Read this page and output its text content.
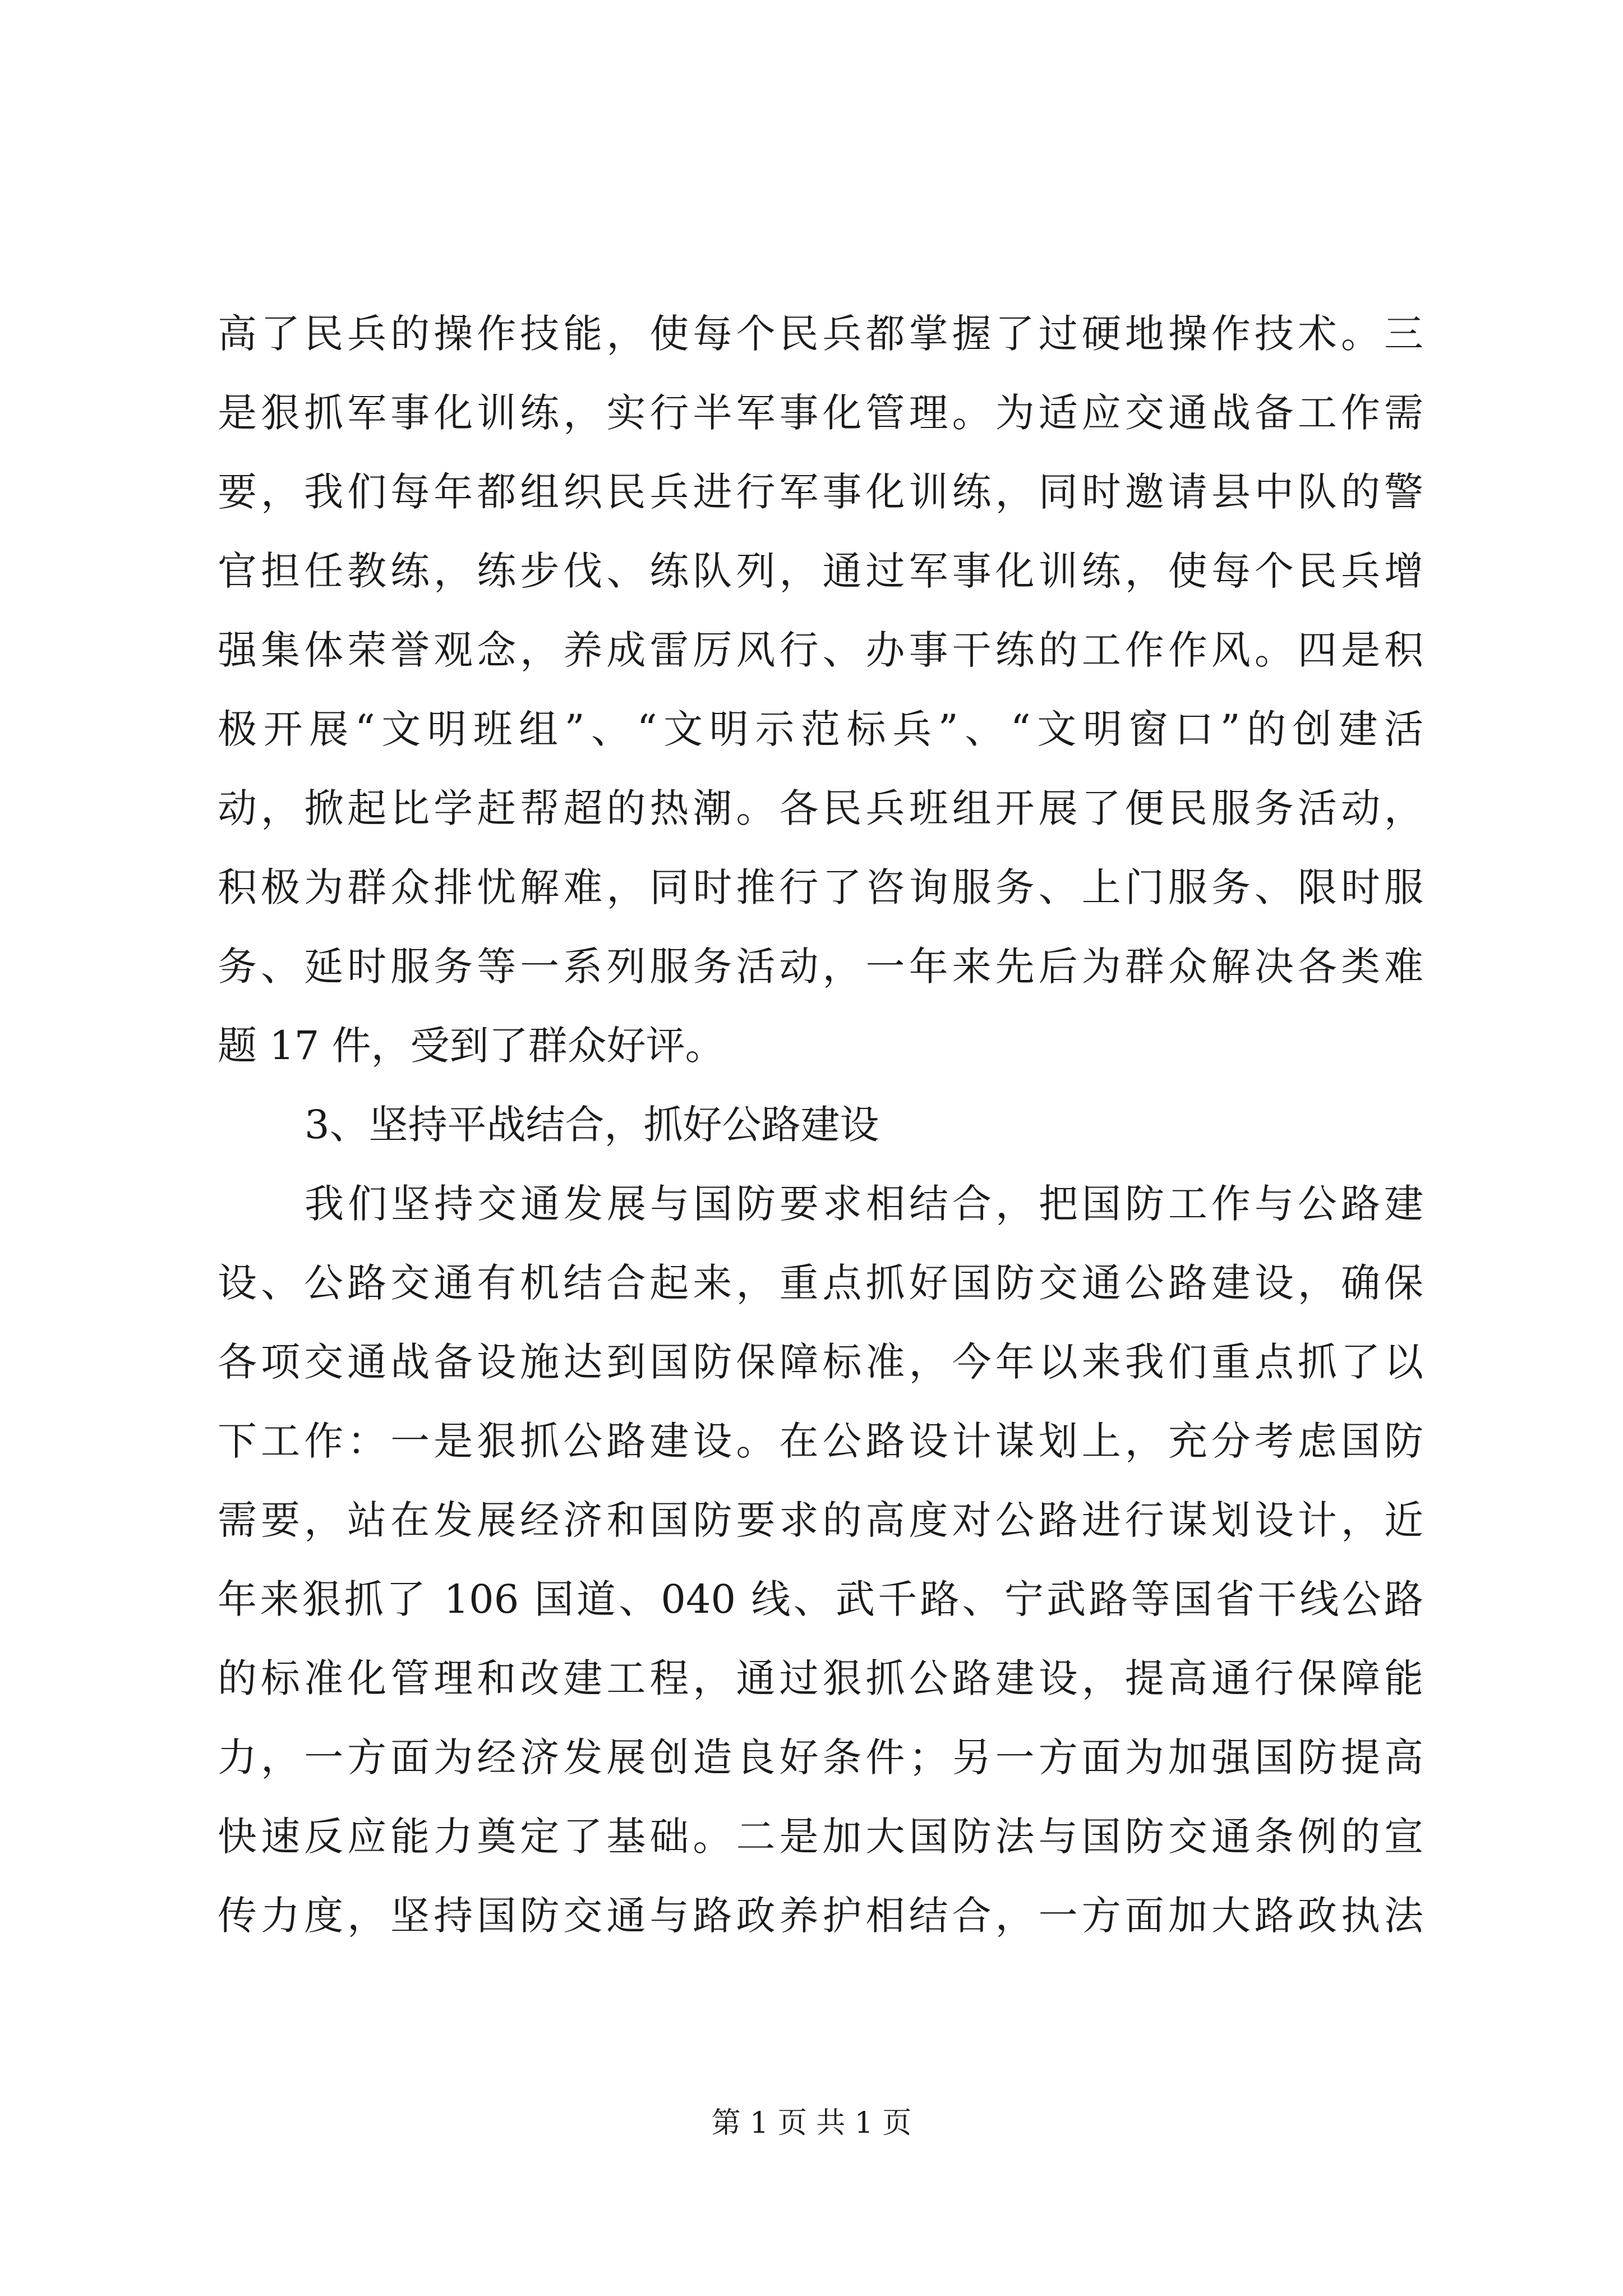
高了民兵的操作技能，使每个民兵都掌握了过硬地操作技术。三
是狠抓军事化训练，实行半军事化管理。为适应交通战备工作需
要，我们每年都组织民兵进行军事化训练，同时邀请县中队的警
官担任教练，练步伐、练队列，通过军事化训练，使每个民兵增
强集体荣誉观念，养成雷厉风行、办事干练的工作作风。四是积
极开展“文明班组”、“文明示范标兵”、“文明窗口”的创建活
动，掀起比学赶帮超的热潮。各民兵班组开展了便民服务活动，
积极为群众排忧解难，同时推行了咨询服务、上门服务、限时服
务、延时服务等一系列服务活动，一年来先后为群众解决各类难
题 17 件，受到了群众好评。
3、坚持平战结合，抓好公路建设
我们坚持交通发展与国防要求相结合，把国防工作与公路建
设、公路交通有机结合起来，重点抓好国防交通公路建设，确保
各项交通战备设施达到国防保障标准，今年以来我们重点抓了以
下工作：一是狠抓公路建设。在公路设计谋划上，充分考虑国防
需要，站在发展经济和国防要求的高度对公路进行谋划设计，近
年来狠抓了 106 国道、040 线、武千路、宁武路等国省干线公路
的标准化管理和改建工程，通过狠抓公路建设，提高通行保障能
力，一方面为经济发展创造良好条件；另一方面为加强国防提高
快速反应能力奠定了基础。二是加大国防法与国防交通条例的宣
传力度，坚持国防交通与路政养护相结合，一方面加大路政执法
第 1 页 共 1 页
